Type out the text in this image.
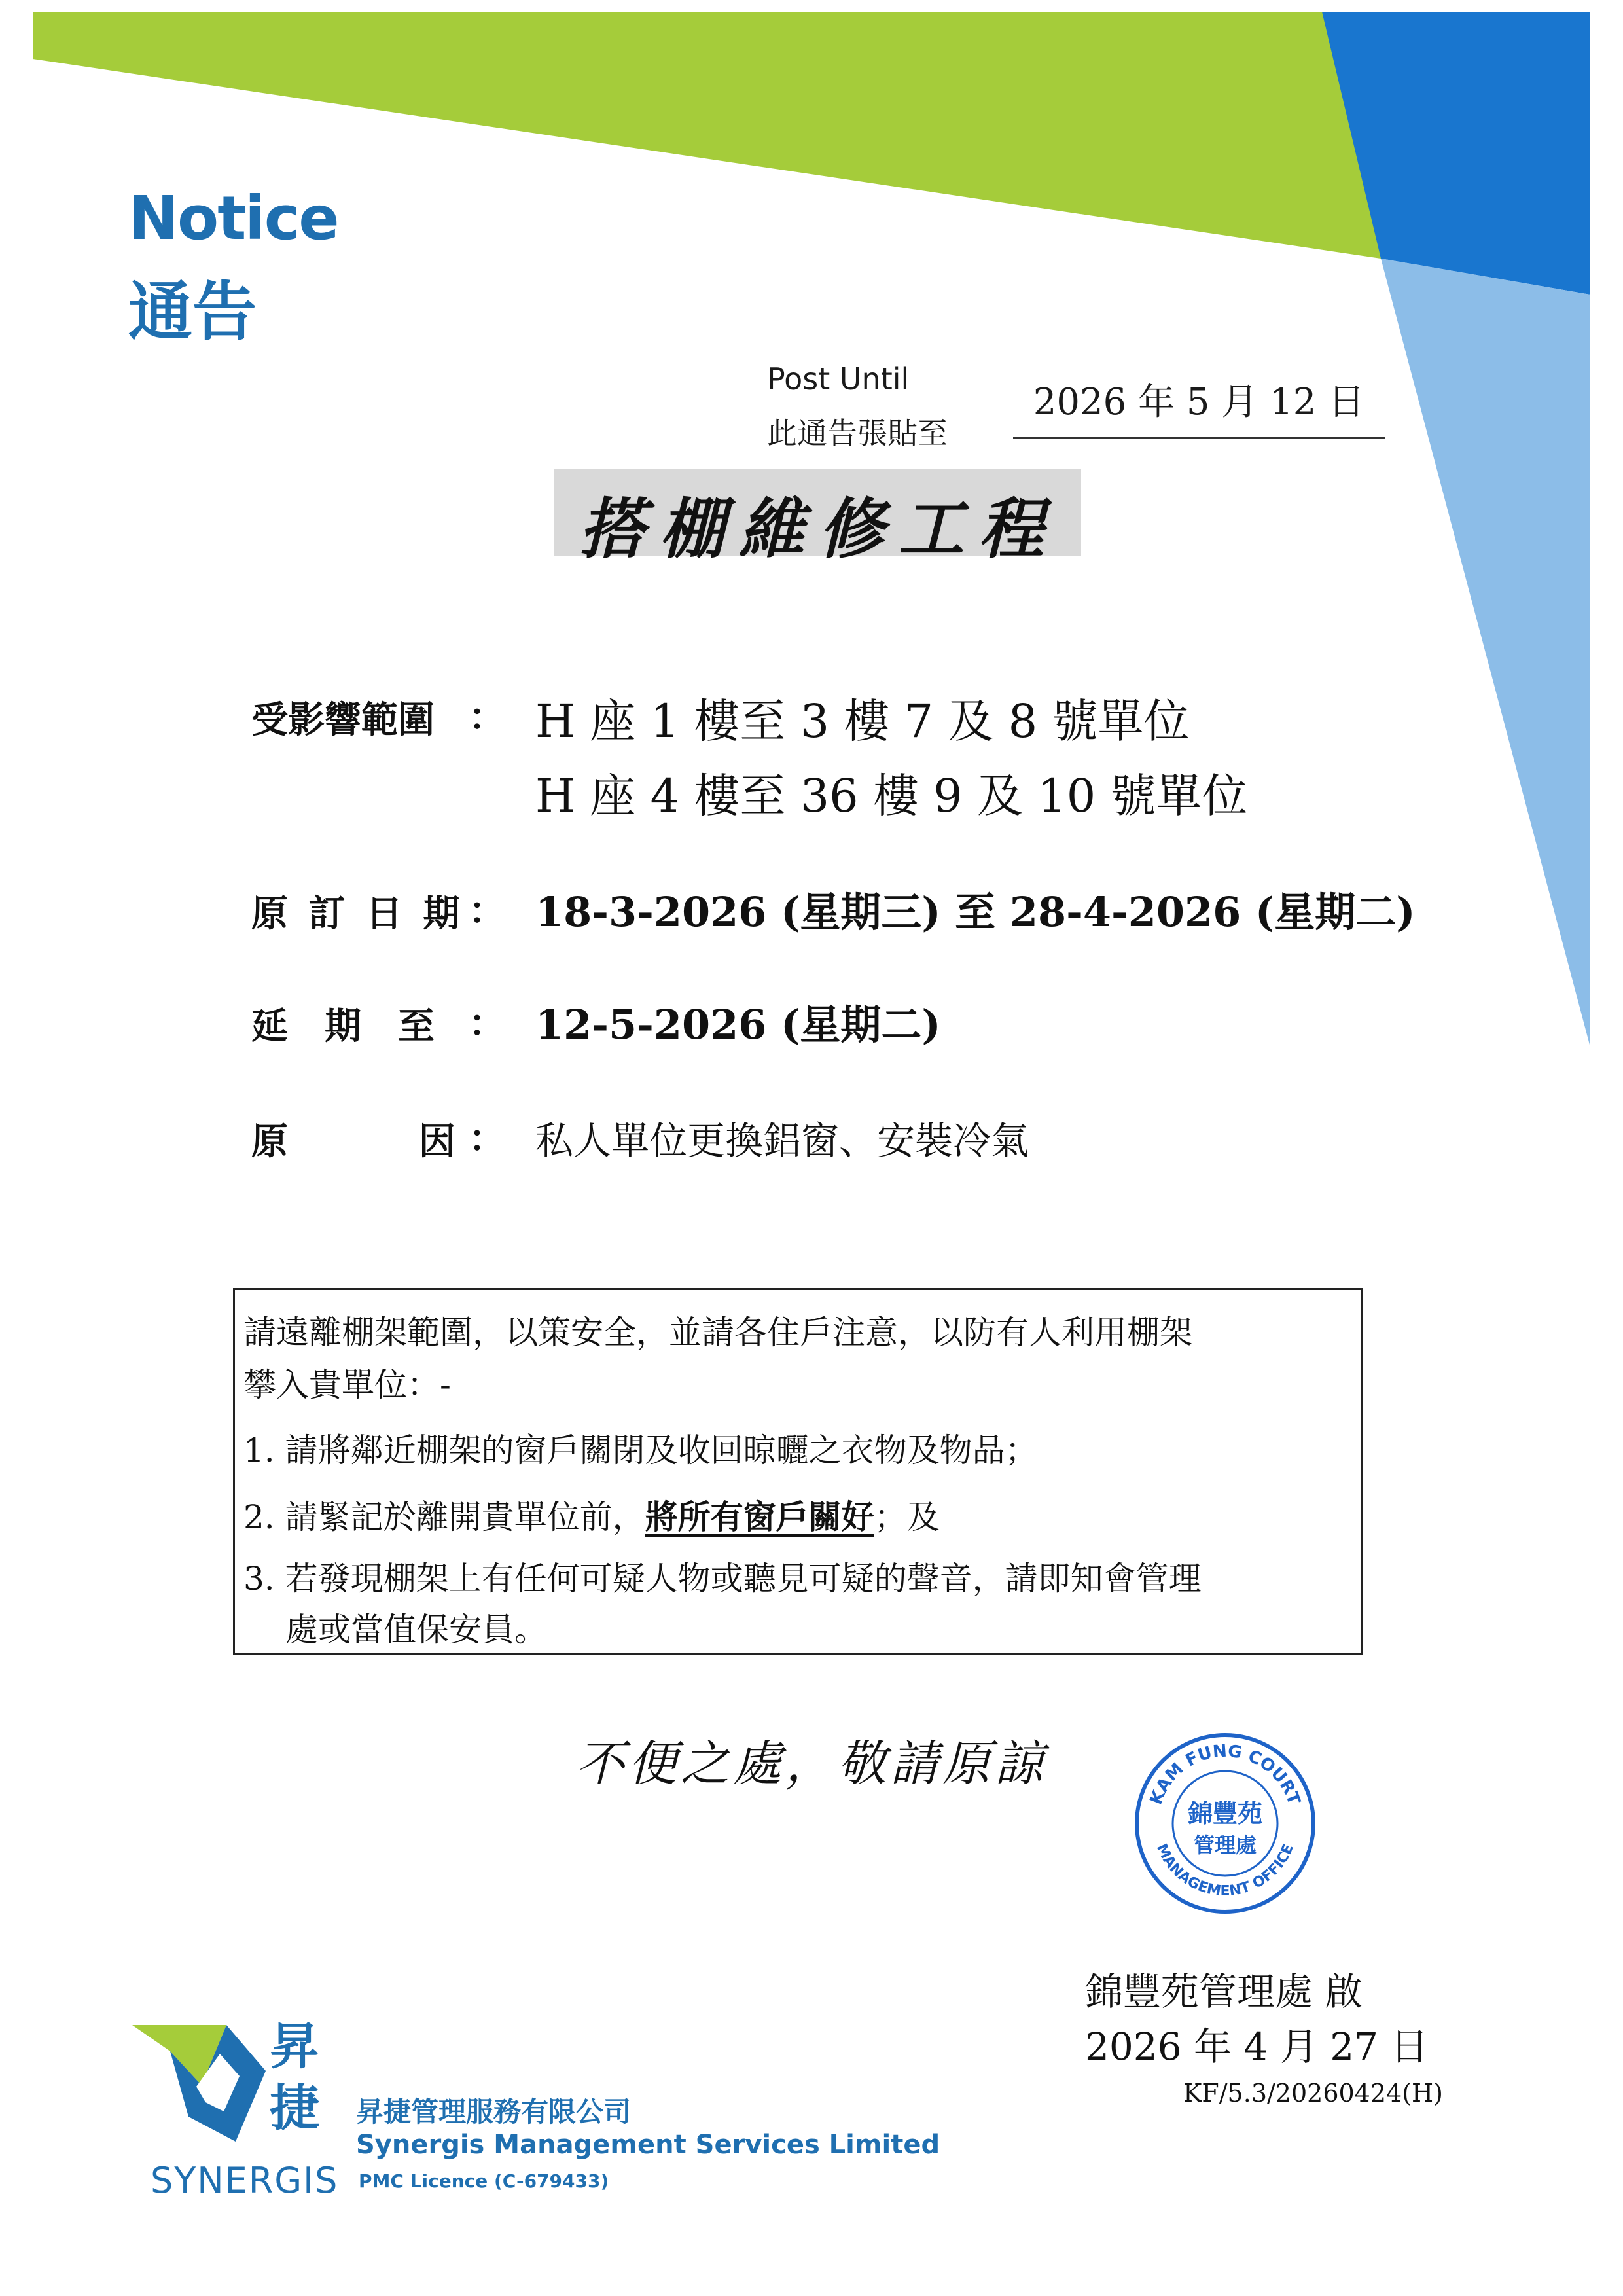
Notice
通告
Post Until
此通告張貼至
2026 年 5 月 12 日
搭棚維修工程
受影響範圍 ： H 座 1 樓至 3 樓 7 及 8 號單位
H 座 4 樓至 36 樓 9 及 10 號單位
原 訂 日 期 ： 18-3-2026 (星期三) 至 28-4-2026 (星期二)
延　期　至 ： 12-5-2026 (星期二)
原	因 ： 私人單位更換鋁窗、安裝冷氣
請遠離棚架範圍，以策安全，並請各住戶注意，以防有人利用棚架
攀入貴單位：-
1. 請將鄰近棚架的窗戶關閉及收回晾曬之衣物及物品；
2. 請緊記於離開貴單位前，將所有窗戶關好；及
3. 若發現棚架上有任何可疑人物或聽見可疑的聲音，請即知會管理
處或當值保安員。
不便之處，敬請原諒
KAM FUNG COURT
MANAGEMENT OFFICE
錦豐苑
管理處
錦豐苑管理處 啟
2026 年 4 月 27 日
KF/5.3/20260424(H)
昇捷
SYNERGIS
昇捷管理服務有限公司
Synergis Management Services Limited
PMC Licence (C-679433)
